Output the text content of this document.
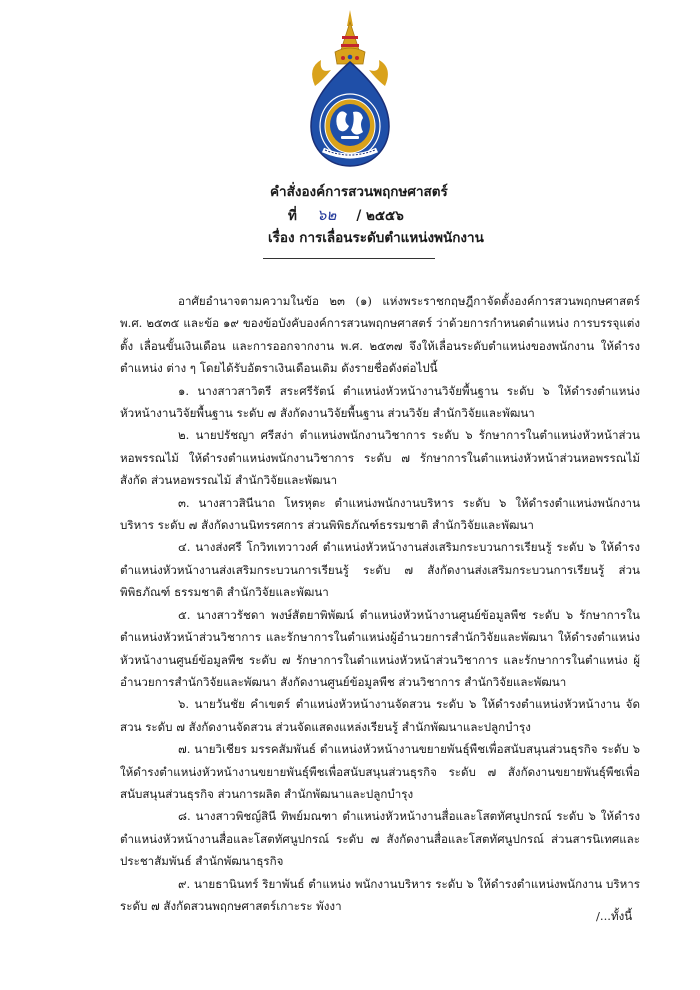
คำสั่งองค์การสวนพฤกษศาสตร์
ที่ ๖๒ / ๒๕๕๖
เรื่อง การเลื่อนระดับตำแหน่งพนักงาน

อาศัยอำนาจตามความในข้อ ๒๓ (๑) แห่งพระราชกฤษฎีกาจัดตั้งองค์การสวนพฤกษศาสตร์ พ.ศ. ๒๕๓๕ และข้อ ๑๙ ของข้อบังคับองค์การสวนพฤกษศาสตร์ ว่าด้วยการกำหนดตำแหน่ง การบรรจุแต่งตั้ง เลื่อนขั้นเงินเดือน และการออกจากงาน พ.ศ. ๒๕๓๗ จึงให้เลื่อนระดับตำแหน่งของพนักงาน ให้ดำรงตำแหน่ง ต่าง ๆ โดยได้รับอัตราเงินเดือนเดิม ดังรายชื่อดังต่อไปนี้

๑. นางสาวสาวิตรี สระศรีรัตน์ ตำแหน่งหัวหน้างานวิจัยพื้นฐาน ระดับ ๖ ให้ดำรงตำแหน่ง หัวหน้างานวิจัยพื้นฐาน ระดับ ๗ สังกัดงานวิจัยพื้นฐาน ส่วนวิจัย สำนักวิจัยและพัฒนา

๒. นายปรัชญา ศรีสง่า ตำแหน่งพนักงานวิชาการ ระดับ ๖ รักษาการในตำแหน่งหัวหน้าส่วน หอพรรณไม้ ให้ดำรงตำแหน่งพนักงานวิชาการ ระดับ ๗ รักษาการในตำแหน่งหัวหน้าส่วนหอพรรณไม้ สังกัด ส่วนหอพรรณไม้ สำนักวิจัยและพัฒนา

๓. นางสาวสินีนาถ โหรหุตะ ตำแหน่งพนักงานบริหาร ระดับ ๖ ให้ดำรงตำแหน่งพนักงาน บริหาร ระดับ ๗ สังกัดงานนิทรรศการ ส่วนพิพิธภัณฑ์ธรรมชาติ สำนักวิจัยและพัฒนา

๔. นางส่งศรี โกวิทเทวาวงศ์ ตำแหน่งหัวหน้างานส่งเสริมกระบวนการเรียนรู้ ระดับ ๖ ให้ดำรง ตำแหน่งหัวหน้างานส่งเสริมกระบวนการเรียนรู้ ระดับ ๗ สังกัดงานส่งเสริมกระบวนการเรียนรู้ ส่วนพิพิธภัณฑ์ ธรรมชาติ สำนักวิจัยและพัฒนา

๕. นางสาวรัชดา พงษ์สัตยาพิพัฒน์ ตำแหน่งหัวหน้างานศูนย์ข้อมูลพืช ระดับ ๖ รักษาการใน ตำแหน่งหัวหน้าส่วนวิชาการ และรักษาการในตำแหน่งผู้อำนวยการสำนักวิจัยและพัฒนา ให้ดำรงตำแหน่ง หัวหน้างานศูนย์ข้อมูลพืช ระดับ ๗ รักษาการในตำแหน่งหัวหน้าส่วนวิชาการ และรักษาการในตำแหน่ง ผู้อำนวยการสำนักวิจัยและพัฒนา สังกัดงานศูนย์ข้อมูลพืช ส่วนวิชาการ สำนักวิจัยและพัฒนา

๖. นายวันชัย คำเขตร์ ตำแหน่งหัวหน้างานจัดสวน ระดับ ๖ ให้ดำรงตำแหน่งหัวหน้างาน จัดสวน ระดับ ๗ สังกัดงานจัดสวน ส่วนจัดแสดงแหล่งเรียนรู้ สำนักพัฒนาและปลูกบำรุง

๗. นายวิเชียร มรรคสัมพันธ์ ตำแหน่งหัวหน้างานขยายพันธุ์พืชเพื่อสนับสนุนส่วนธุรกิจ ระดับ ๖ ให้ดำรงตำแหน่งหัวหน้างานขยายพันธุ์พืชเพื่อสนับสนุนส่วนธุรกิจ ระดับ ๗ สังกัดงานขยายพันธุ์พืชเพื่อ สนับสนุนส่วนธุรกิจ ส่วนการผลิต สำนักพัฒนาและปลูกบำรุง

๘. นางสาวพิชญ์สินี ทิพย์มณฑา ตำแหน่งหัวหน้างานสื่อและโสตทัศนูปกรณ์ ระดับ ๖ ให้ดำรง ตำแหน่งหัวหน้างานสื่อและโสตทัศนูปกรณ์ ระดับ ๗ สังกัดงานสื่อและโสตทัศนูปกรณ์ ส่วนสารนิเทศและ ประชาสัมพันธ์ สำนักพัฒนาธุรกิจ

๙. นายธานินทร์ ริยาพันธ์ ตำแหน่ง พนักงานบริหาร ระดับ ๖ ให้ดำรงตำแหน่งพนักงาน บริหาร ระดับ ๗ สังกัดสวนพฤกษศาสตร์เกาะระ พังงา

/...ทั้งนี้
